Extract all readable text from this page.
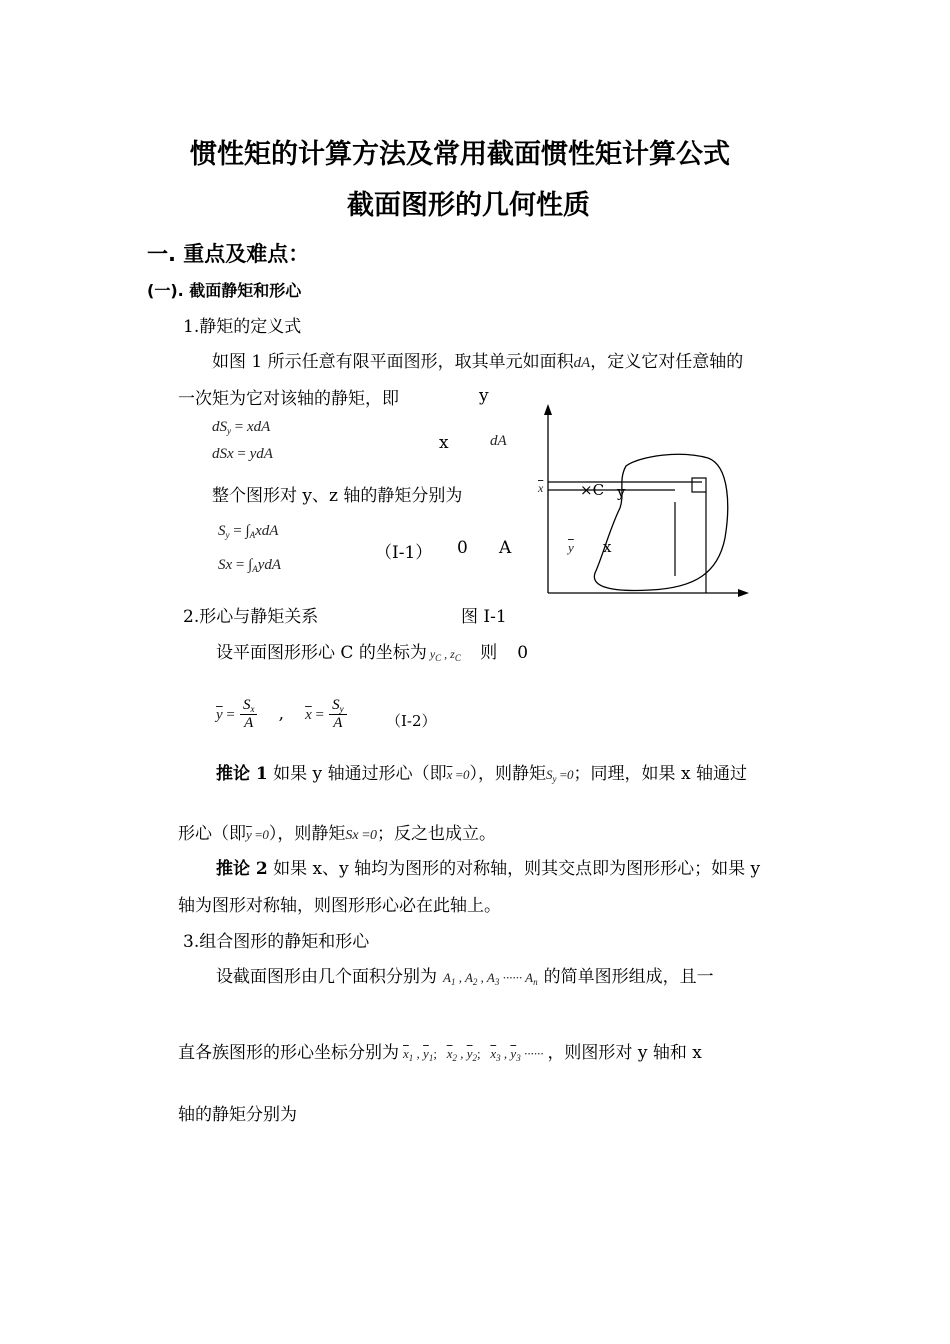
惯性矩的计算方法及常用截面惯性矩计算公式
截面图形的几何性质
一. 重点及难点：
(一). 截面静矩和形心
1.静矩的定义式
如图 1 所示任意有限平面图形，取其单元如面积dA，定义它对任意轴的
一次矩为它对该轴的静矩，即	y
$dS_y$ = xdA
dSx = ydA
x	dA
整个图形对 y、z 轴的静矩分别为
$S_y = \int_AxdA$
$Sx = \int_AydA$
（I-1） 0 A
$\overline{x} \times C$ y
$\overline{y}$ x
2.形心与静矩关系	图 I-1
设平面图形形心 C 的坐标为 $y_C$ , $z_C$ 则 0
$\overline{y} = \frac{S_x}{A}$ , $\overline{x} = \frac{S_y}{A}$	（I-2）
推论 1 如果 y 轴通过形心（即$\overline{x} =0$），则静矩$S_y =0$；同理，如果 x 轴通过
形心（即$\overline{y} =0$），则静矩Sx =0；反之也成立。
推论 2 如果 x、y 轴均为图形的对称轴，则其交点即为图形形心；如果 y
轴为图形对称轴，则图形形心必在此轴上。
3.组合图形的静矩和形心
设截面图形由几个面积分别为 $A_1$ , $A_2$ , $A_3$ ······ $A_n$ 的简单图形组成，且一
直各族图形的形心坐标分别为 $\overline{x}_1$ , $\overline{y}_1$; $\overline{x}_2$ , $\overline{y}_2$; $\overline{x}_3$ , $\overline{y}_3$ ······ ，则图形对 y 轴和 x
轴的静矩分别为
